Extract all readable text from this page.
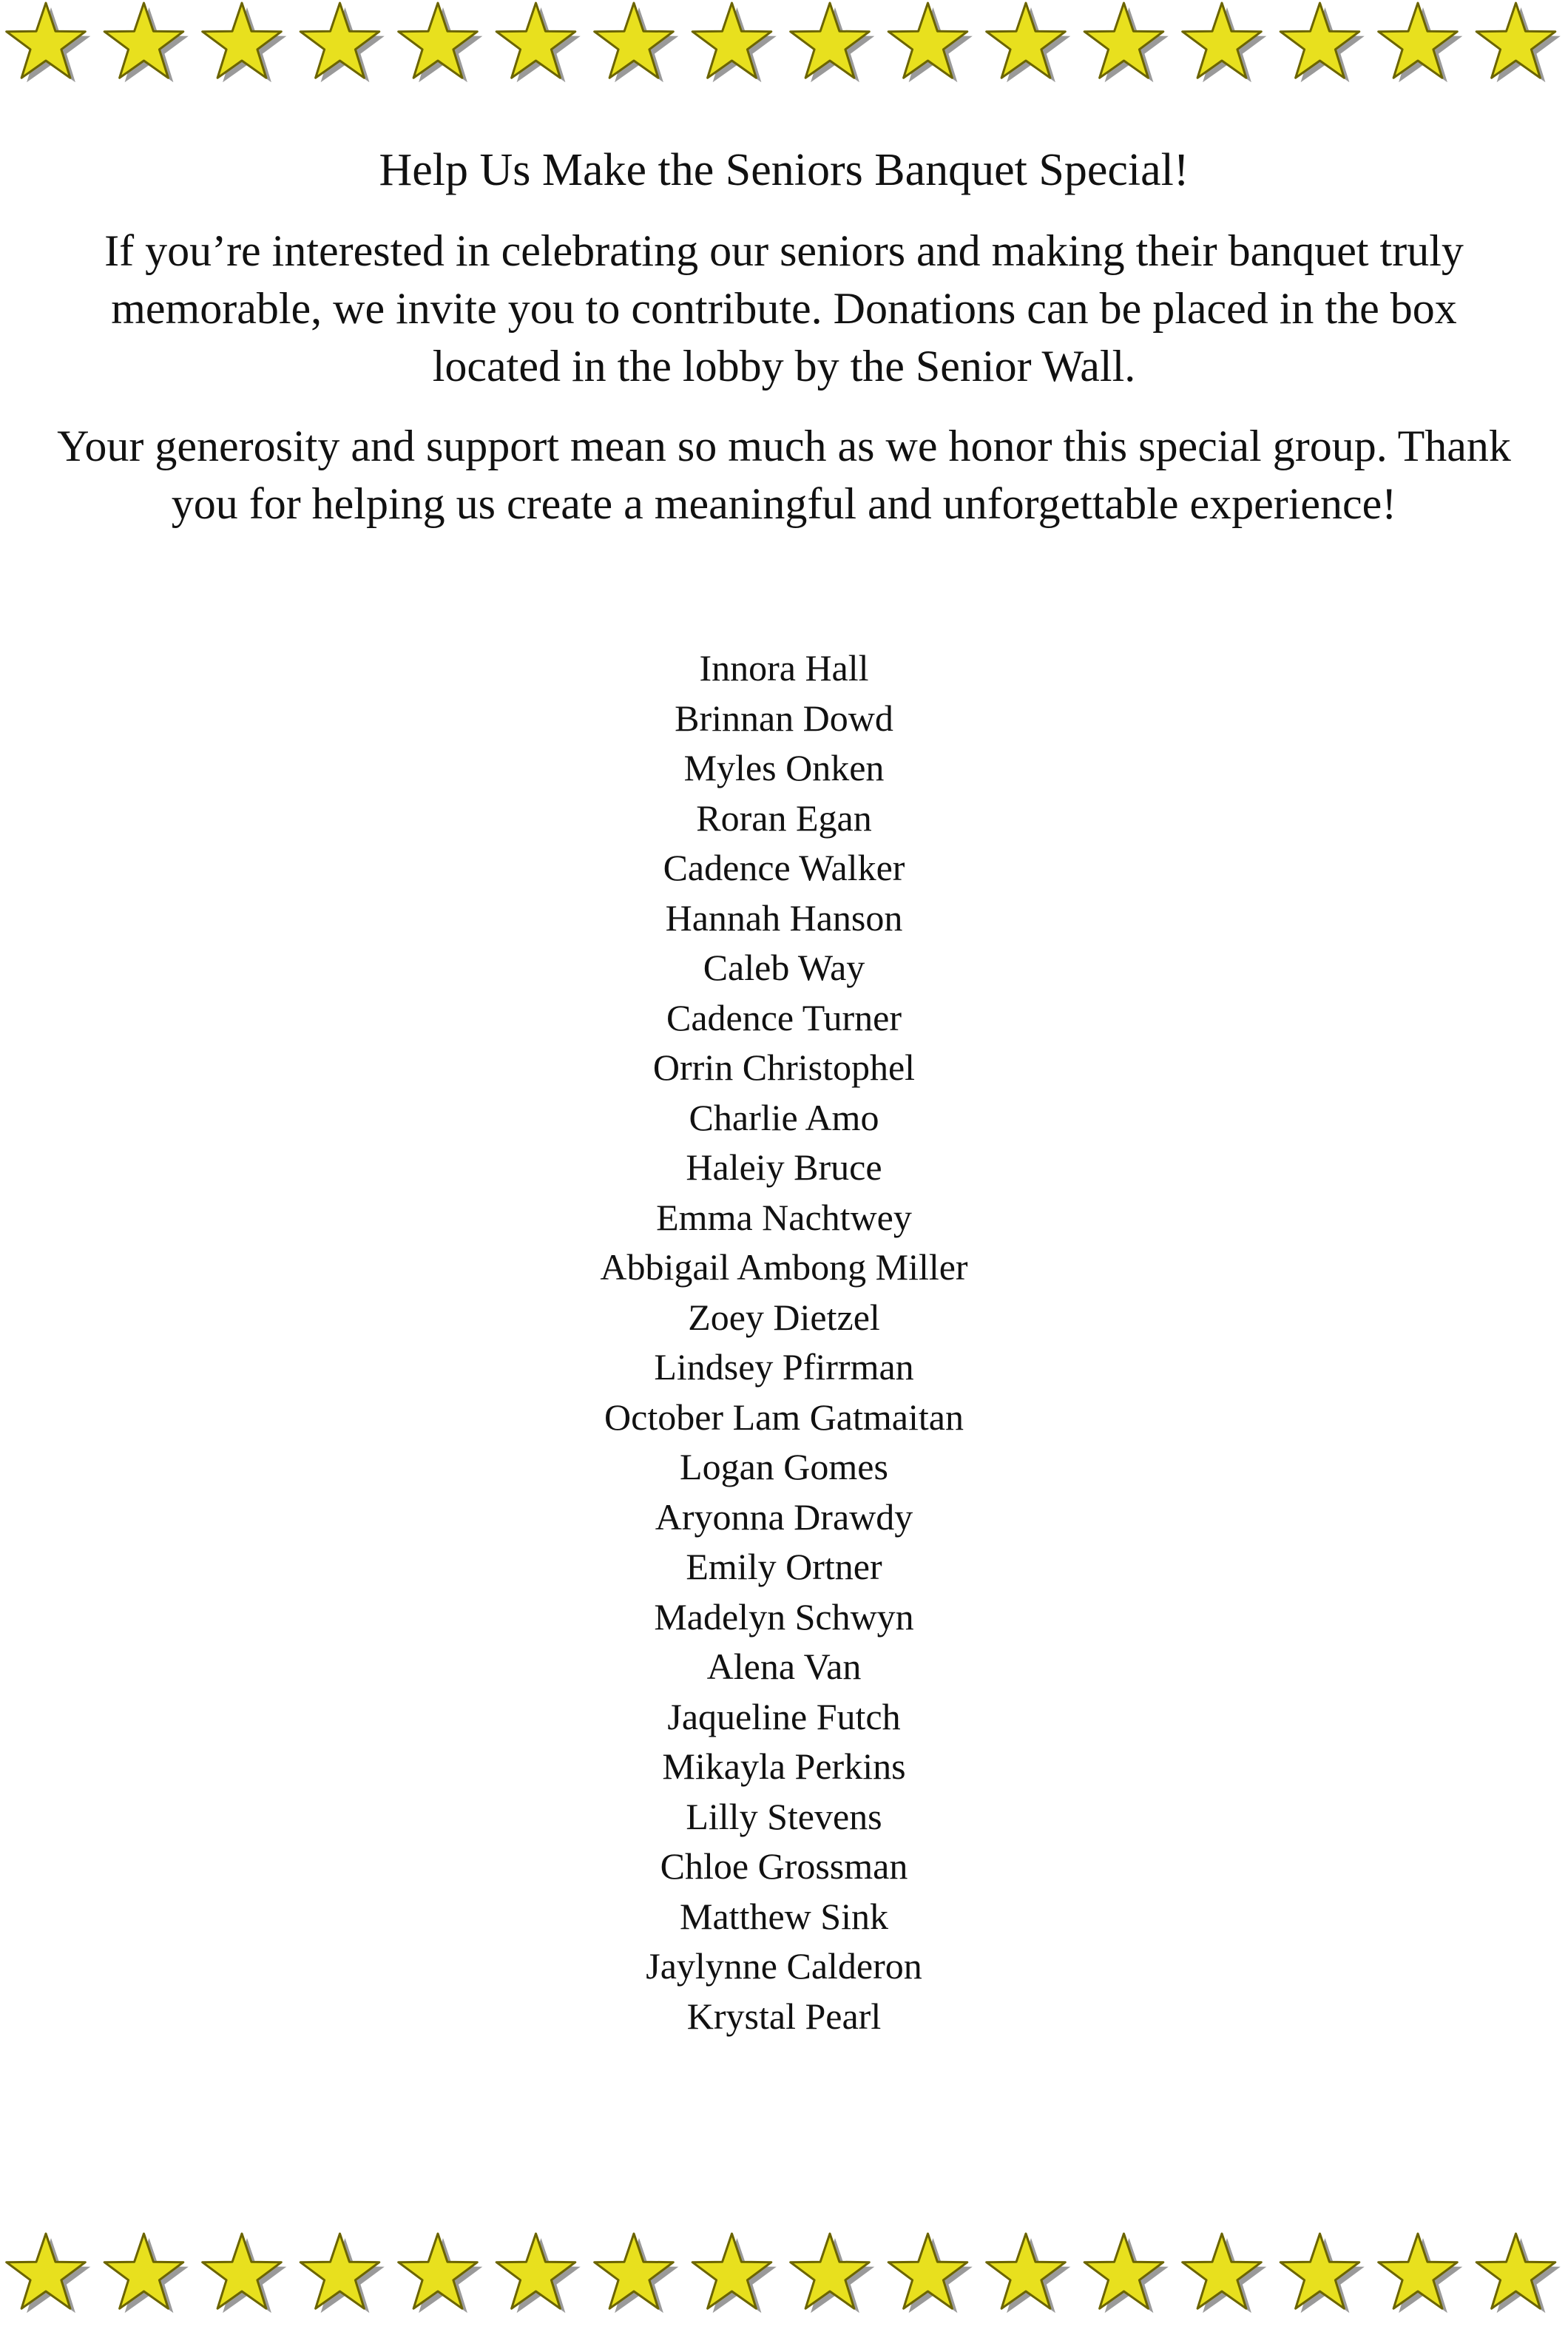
Help Us Make the Seniors Banquet Special!
If you’re interested in celebrating our seniors and making their banquet truly memorable, we invite you to contribute. Donations can be placed in the box located in the lobby by the Senior Wall.
Your generosity and support mean so much as we honor this special group. Thank you for helping us create a meaningful and unforgettable experience!
Innora Hall
Brinnan Dowd
Myles Onken
Roran Egan
Cadence Walker
Hannah Hanson
Caleb Way
Cadence Turner
Orrin Christophel
Charlie Amo
Haleiy Bruce
Emma Nachtwey
Abbigail Ambong Miller
Zoey Dietzel
Lindsey Pfirrman
October Lam Gatmaitan
Logan Gomes
Aryonna Drawdy
Emily Ortner
Madelyn Schwyn
Alena Van
Jaqueline Futch
Mikayla Perkins
Lilly Stevens
Chloe Grossman
Matthew Sink
Jaylynne Calderon
Krystal Pearl
